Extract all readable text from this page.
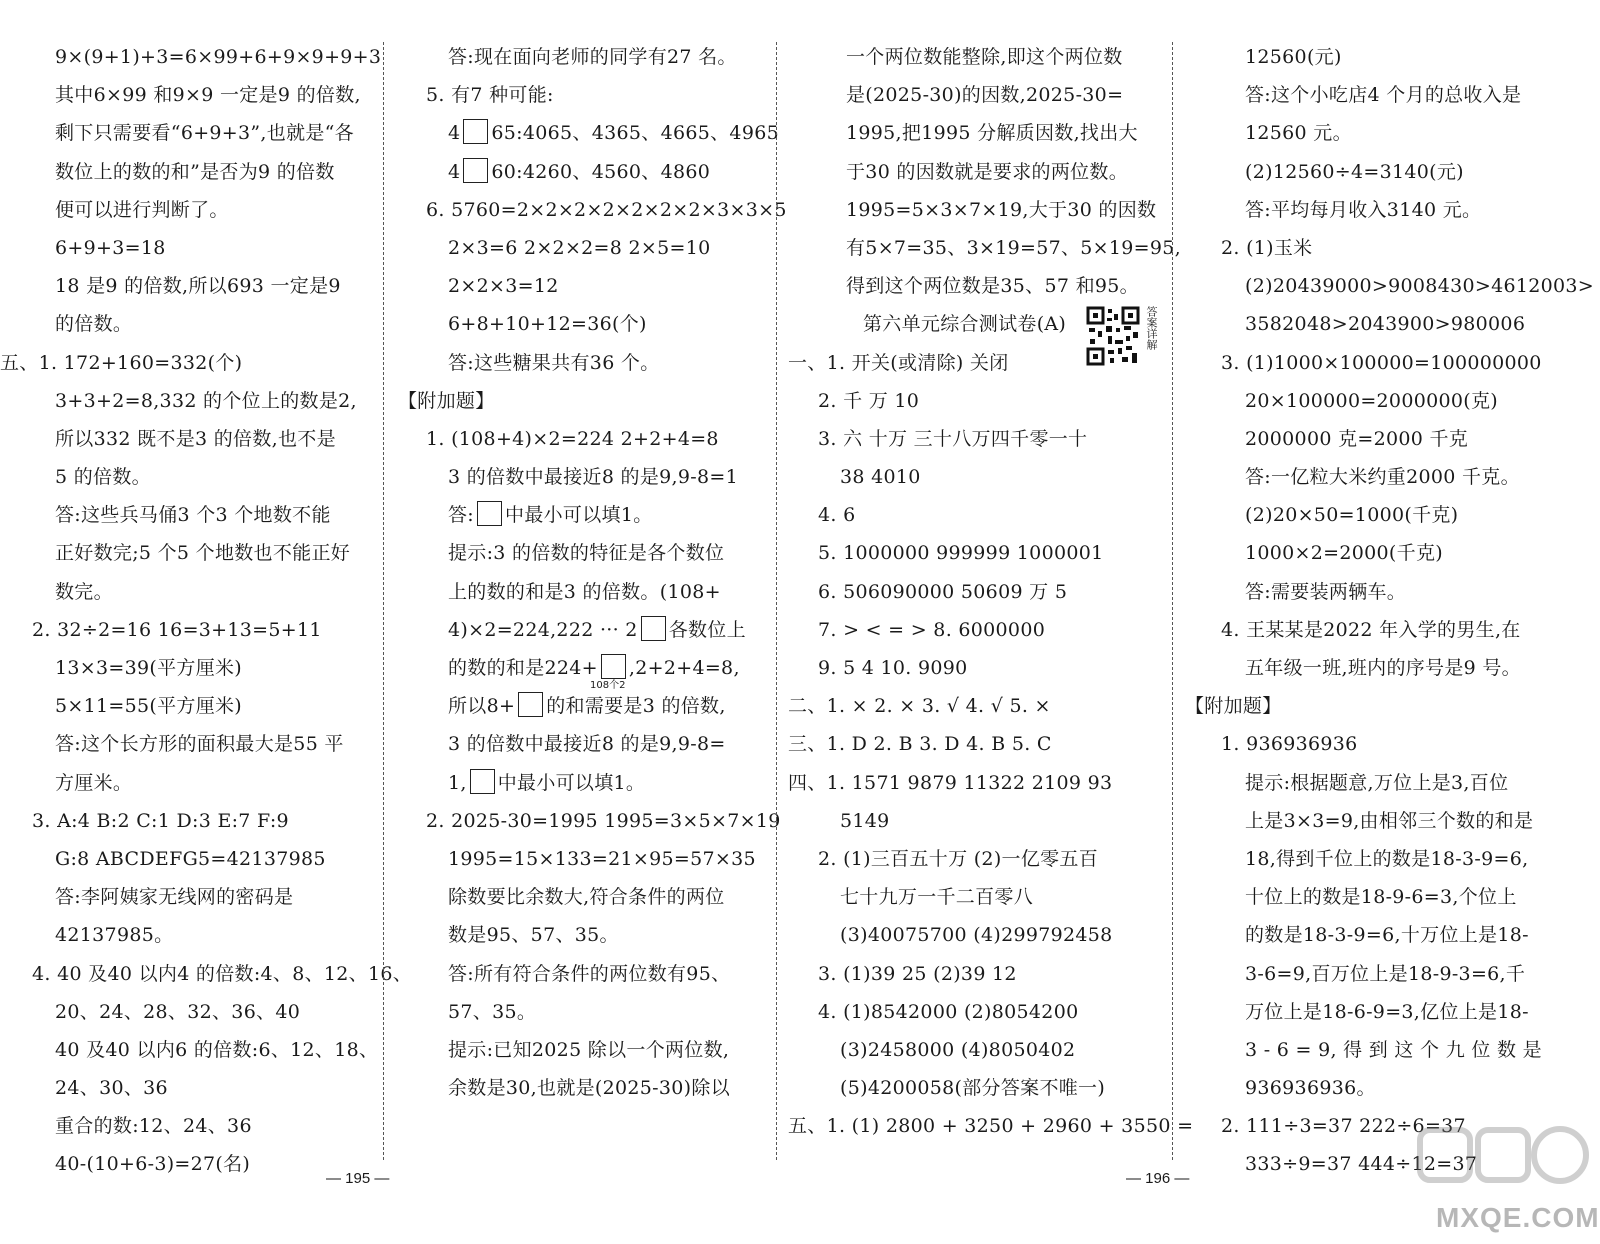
9×(9+1)+3=6×99+6+9×9+9+3
其中6×99 和9×9 一定是9 的倍数,
剩下只需要看“6+9+3”,也就是“各
数位上的数的和”是否为9 的倍数
便可以进行判断了。
6+9+3=18
18 是9 的倍数,所以693 一定是9
的倍数。
五、1. 172+160=332(个)
3+3+2=8,332 的个位上的数是2,
所以332 既不是3 的倍数,也不是
5 的倍数。
答:这些兵马俑3 个3 个地数不能
正好数完;5 个5 个地数也不能正好
数完。
2. 32÷2=16 16=3+13=5+11
13×3=39(平方厘米)
5×11=55(平方厘米)
答:这个长方形的面积最大是55 平
方厘米。
3. A:4 B:2 C:1 D:3 E:7 F:9
G:8 ABCDEFG5=42137985
答:李阿姨家无线网的密码是
42137985。
4. 40 及40 以内4 的倍数:4、8、12、16、
20、24、28、32、36、40
40 及40 以内6 的倍数:6、12、18、
24、30、36
重合的数:12、24、36
40-(10+6-3)=27(名)
答:现在面向老师的同学有27 名。
5. 有7 种可能:
4 65:4065、4365、4665、4965
4 60:4260、4560、4860
6. 5760=2×2×2×2×2×2×2×3×3×5
2×3=6 2×2×2=8 2×5=10
2×2×3=12
6+8+10+12=36(个)
答:这些糖果共有36 个。
【附加题】
1. (108+4)×2=224 2+2+4=8
3 的倍数中最接近8 的是9,9-8=1
答: 中最小可以填1。
提示:3 的倍数的特征是各个数位
上的数的和是3 的倍数。(108+
4)×2=224,222 ··· 2 各数位上
的数的和是224+ ,2+2+4=8,
所以8+ 的和需要是3 的倍数,
3 的倍数中最接近8 的是9,9-8=
1, 中最小可以填1。
2. 2025-30=1995 1995=3×5×7×19
1995=15×133=21×95=57×35
除数要比余数大,符合条件的两位
数是95、57、35。
答:所有符合条件的两位数有95、
57、35。
提示:已知2025 除以一个两位数,
余数是30,也就是(2025-30)除以
一个两位数能整除,即这个两位数
是(2025-30)的因数,2025-30=
1995,把1995 分解质因数,找出大
于30 的因数就是要求的两位数。
1995=5×3×7×19,大于30 的因数
有5×7=35、3×19=57、5×19=95,
得到这个两位数是35、57 和95。
第六单元综合测试卷(A)
一、1. 开关(或清除) 关闭
2. 千 万 10
3. 六 十万 三十八万四千零一十
38 4010
4. 6
5. 1000000 999999 1000001
6. 506090000 50609 万 5
7. > < = > 8. 6000000
9. 5 4 10. 9090
二、1. × 2. × 3. √ 4. √ 5. ×
三、1. D 2. B 3. D 4. B 5. C
四、1. 1571 9879 11322 2109 93
5149
2. (1)三百五十万 (2)一亿零五百
七十九万一千二百零八
(3)40075700 (4)299792458
3. (1)39 25 (2)39 12
4. (1)8542000 (2)8054200
(3)2458000 (4)8050402
(5)4200058(部分答案不唯一)
五、1. (1) 2800 + 3250 + 2960 + 3550 =
12560(元)
答:这个小吃店4 个月的总收入是
12560 元。
(2)12560÷4=3140(元)
答:平均每月收入3140 元。
2. (1)玉米
(2)20439000>9008430>4612003>
3582048>2043900>980006
3. (1)1000×100000=100000000
20×100000=2000000(克)
2000000 克=2000 千克
答:一亿粒大米约重2000 千克。
(2)20×50=1000(千克)
1000×2=2000(千克)
答:需要装两辆车。
4. 王某某是2022 年入学的男生,在
五年级一班,班内的序号是9 号。
【附加题】
1. 936936936
提示:根据题意,万位上是3,百位
上是3×3=9,由相邻三个数的和是
18,得到千位上的数是18-3-9=6,
十位上的数是18-9-6=3,个位上
的数是18-3-9=6,十万位上是18-
3-6=9,百万位上是18-9-3=6,千
万位上是18-6-9=3,亿位上是18-
3 - 6 = 9, 得 到 这 个 九 位 数 是
936936936。
2. 111÷3=37 222÷6=37
333÷9=37 444÷12=37
108个2
答案详解
— 195 —	— 196 —
MXQE.COM
